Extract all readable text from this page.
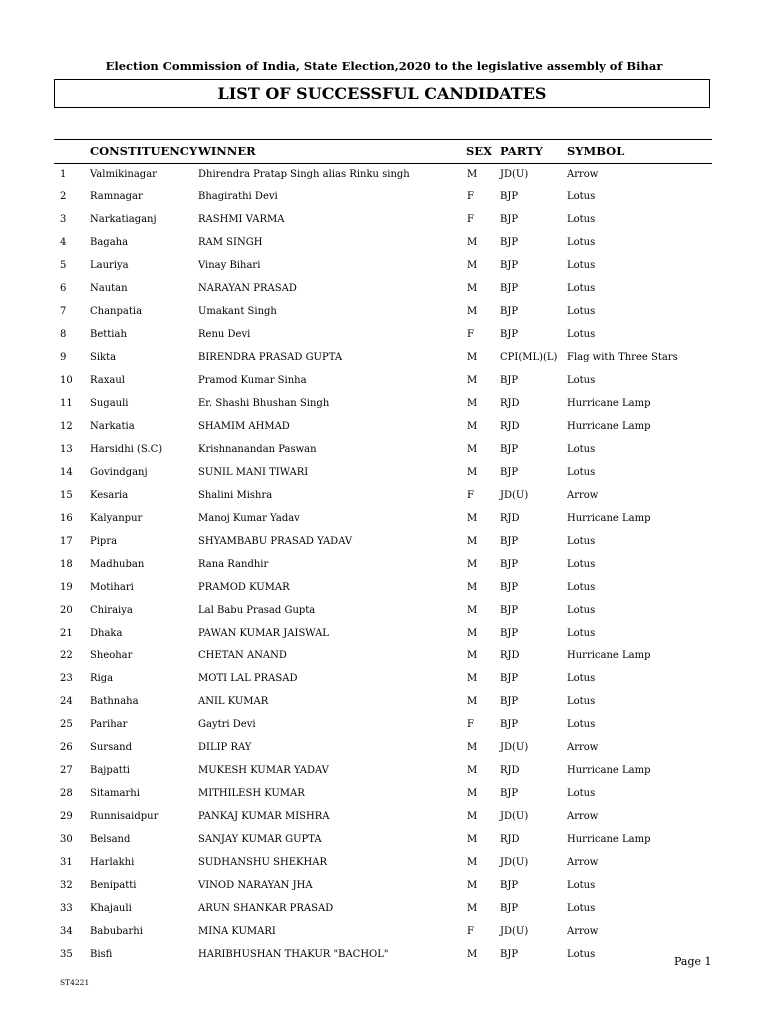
Election Commission of India, State Election,2020 to the legislative assembly of Bihar
LIST OF SUCCESSFUL CANDIDATES
CONSTITUENCY WINNER	SEX PARTY SYMBOL
1 Valmikinagar	Dhirendra Pratap Singh alias Rinku singh	M JD(U)	Arrow
2 Ramnagar	Bhagirathi Devi	F	BJP	Lotus
3 Narkatiaganj	RASHMI VARMA	F	BJP	Lotus
4 Bagaha	RAM SINGH	M BJP	Lotus
5 Lauriya	Vinay Bihari	M BJP	Lotus
6 Nautan	NARAYAN PRASAD	M BJP	Lotus
7 Chanpatia	Umakant Singh	M BJP	Lotus
8 Bettiah	Renu Devi	F	BJP	Lotus
9 Sikta	BIRENDRA PRASAD GUPTA	M CPI(ML)(L) Flag with Three Stars
10 Raxaul	Pramod Kumar Sinha	M BJP	Lotus
11 Sugauli	Er. Shashi Bhushan Singh	M RJD	Hurricane Lamp
12 Narkatia	SHAMIM AHMAD	M RJD	Hurricane Lamp
13 Harsidhi (S.C)	Krishnanandan Paswan	M BJP	Lotus
14 Govindganj	SUNIL MANI TIWARI	M BJP	Lotus
15 Kesaria	Shalini Mishra	F	JD(U)	Arrow
16 Kalyanpur	Manoj Kumar Yadav	M RJD	Hurricane Lamp
17 Pipra	SHYAMBABU PRASAD YADAV	M BJP	Lotus
18 Madhuban	Rana Randhir	M BJP	Lotus
19 Motihari	PRAMOD KUMAR	M BJP	Lotus
20 Chiraiya	Lal Babu Prasad Gupta	M BJP	Lotus
21 Dhaka	PAWAN KUMAR JAISWAL	M BJP	Lotus
22 Sheohar	CHETAN ANAND	M RJD	Hurricane Lamp
23 Riga	MOTI LAL PRASAD	M BJP	Lotus
24 Bathnaha	ANIL KUMAR	M BJP	Lotus
25 Parihar	Gaytri Devi	F	BJP	Lotus
26 Sursand	DILIP RAY	M JD(U)	Arrow
27 Bajpatti	MUKESH KUMAR YADAV	M RJD	Hurricane Lamp
28 Sitamarhi	MITHILESH KUMAR	M BJP	Lotus
29 Runnisaidpur	PANKAJ KUMAR MISHRA	M JD(U)	Arrow
30 Belsand	SANJAY KUMAR GUPTA	M RJD	Hurricane Lamp
31 Harlakhi	SUDHANSHU SHEKHAR	M JD(U)	Arrow
32 Benipatti	VINOD NARAYAN JHA	M BJP	Lotus
33 Khajauli	ARUN SHANKAR PRASAD	M BJP	Lotus
34 Babubarhi	MINA KUMARI	F	JD(U)	Arrow
35 Bisfi	HARIBHUSHAN THAKUR "BACHOL"	M BJP	Lotus
Page 1
ST4221
